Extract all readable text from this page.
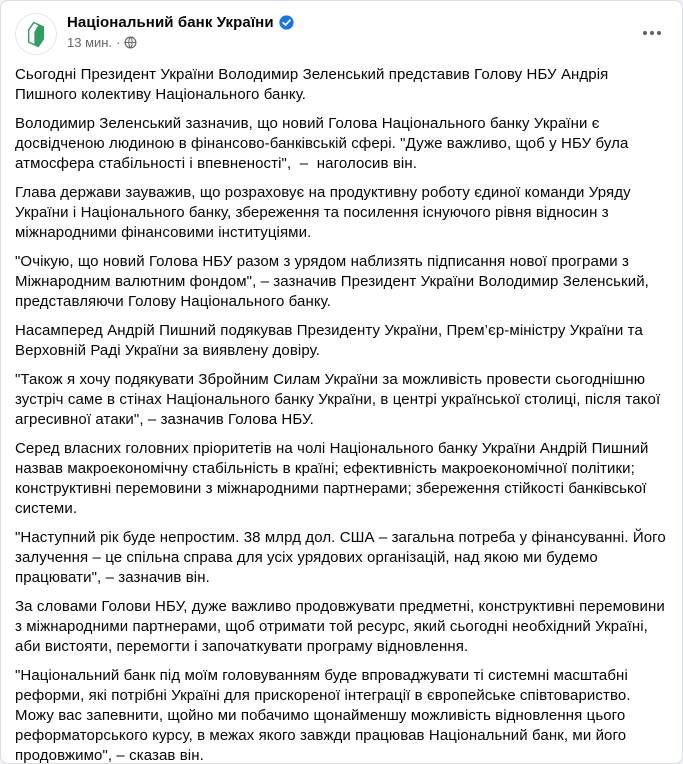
Національний банк України
13 мин. ·

Сьогодні Президент України Володимир Зеленський представив Голову НБУ Андрія Пишного колективу Національного банку.

Володимир Зеленський зазначив, що новий Голова Національного банку України є досвідченою людиною в фінансово-банківській сфері. "Дуже важливо, щоб у НБУ була атмосфера стабільності і впевненості",  –  наголосив він.

Глава держави зауважив, що розраховує на продуктивну роботу єдиної команди Уряду України і Національного банку, збереження та посилення існуючого рівня відносин з міжнародними фінансовими інституціями.

"Очікую, що новий Голова НБУ разом з урядом наблизять підписання нової програми з Міжнародним валютним фондом", – зазначив Президент України Володимир Зеленський, представляючи Голову Національного банку.

Насамперед Андрій Пишний подякував Президенту України, Прем’єр-міністру України та Верховній Раді України за виявлену довіру.

"Також я хочу подякувати Збройним Силам України за можливість провести сьогоднішню зустріч саме в стінах Національного банку України, в центрі української столиці, після такої агресивної атаки", – зазначив Голова НБУ.

Серед власних головних пріоритетів на чолі Національного банку України Андрій Пишний назвав макроекономічну стабільність в країні; ефективність макроекономічної політики; конструктивні перемовини з міжнародними партнерами; збереження стійкості банківської системи.

"Наступний рік буде непростим. 38 млрд дол. США – загальна потреба у фінансуванні. Його залучення – це спільна справа для усіх урядових організацій, над якою ми будемо працювати", – зазначив він.

За словами Голови НБУ, дуже важливо продовжувати предметні, конструктивні перемовини з міжнародними партнерами, щоб отримати той ресурс, який сьогодні необхідний Україні, аби вистояти, перемогти і започаткувати програму відновлення.

"Національний банк під моїм головуванням буде впроваджувати ті системні масштабні реформи, які потрібні Україні для прискореної інтеграції в європейське співтовариство. Можу вас запевнити, щойно ми побачимо щонайменшу можливість відновлення цього реформаторського курсу, в межах якого завжди працював Національний банк, ми його продовжимо", – сказав він.
